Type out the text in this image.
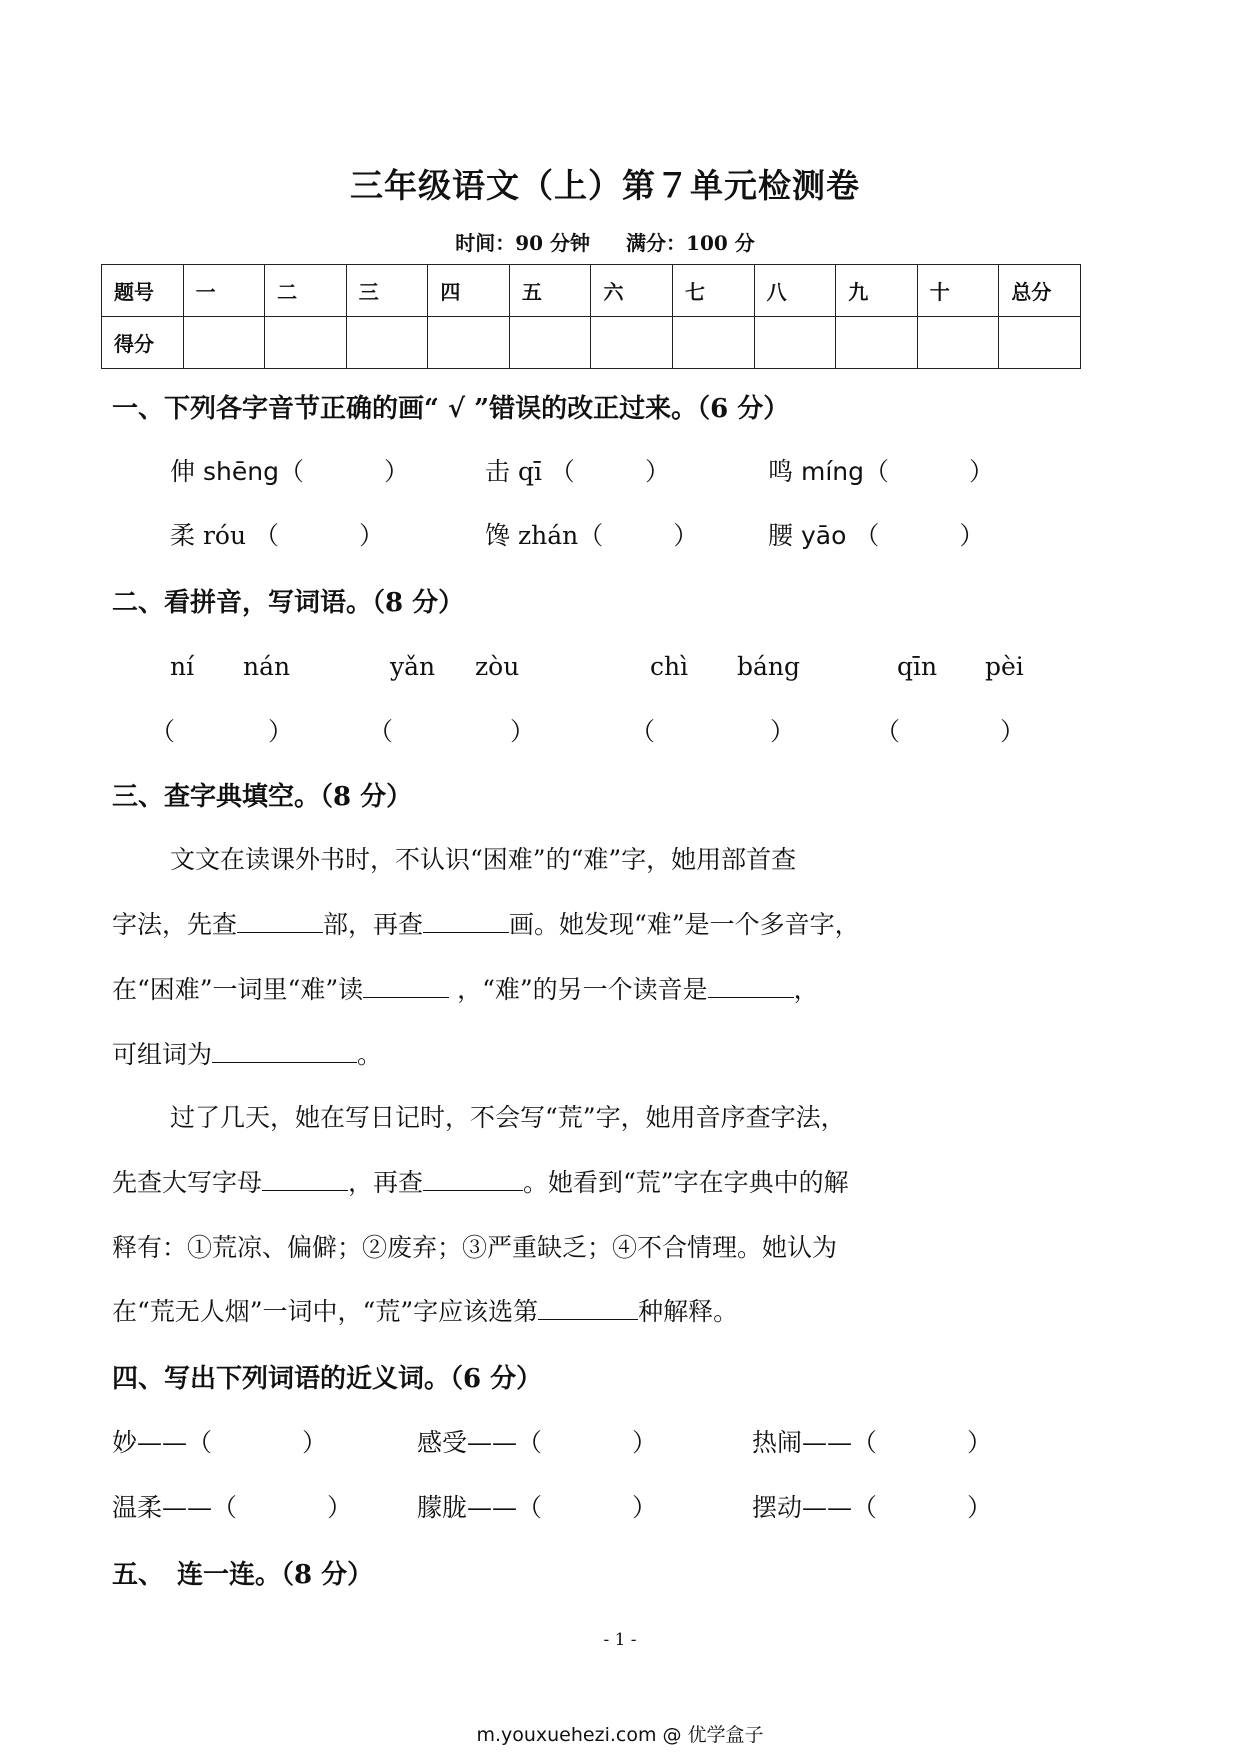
三年级语文（上）第７单元检测卷
时间：90 分钟 满分：100 分
题号	一	二	三	四	五	六	七	八	九	十	总分
得分											
一、下列各字音节正确的画“ √ ”错误的改正过来。（6 分）
伸 shēng（	）	击 qī （	）	鸣 míng（	）
柔 róu （	）	馋 zhán（	）	腰 yāo （	）
二、看拼音，写词语。（8 分）
ní nán	yǎn zòu	chì báng	qīn pèi
（	）	（	）	（	）	（	）
三、查字典填空。（8 分）
文文在读课外书时，不认识“困难”的“难”字，她用部首查
字法，先查	部，再查	画。她发现“难”是一个多音字，
在“困难”一词里“难”读	，“难”的另一个读音是	，
可组词为	。
过了几天，她在写日记时，不会写“荒”字，她用音序查字法，
先查大写字母	，再查	。她看到“荒”字在字典中的解
释有：①荒凉、偏僻；②废弃；③严重缺乏；④不合情理。她认为
在“荒无人烟”一词中，“荒”字应该选第	种解释。
四、写出下列词语的近义词。（6 分）
妙——（	）	感受——（	）	热闹——（	）
温柔——（	）	朦胧——（	）	摆动——（	）
五、　连一连。（8 分）
- 1 -
m.youxuehezi.com @ 优学盒子
